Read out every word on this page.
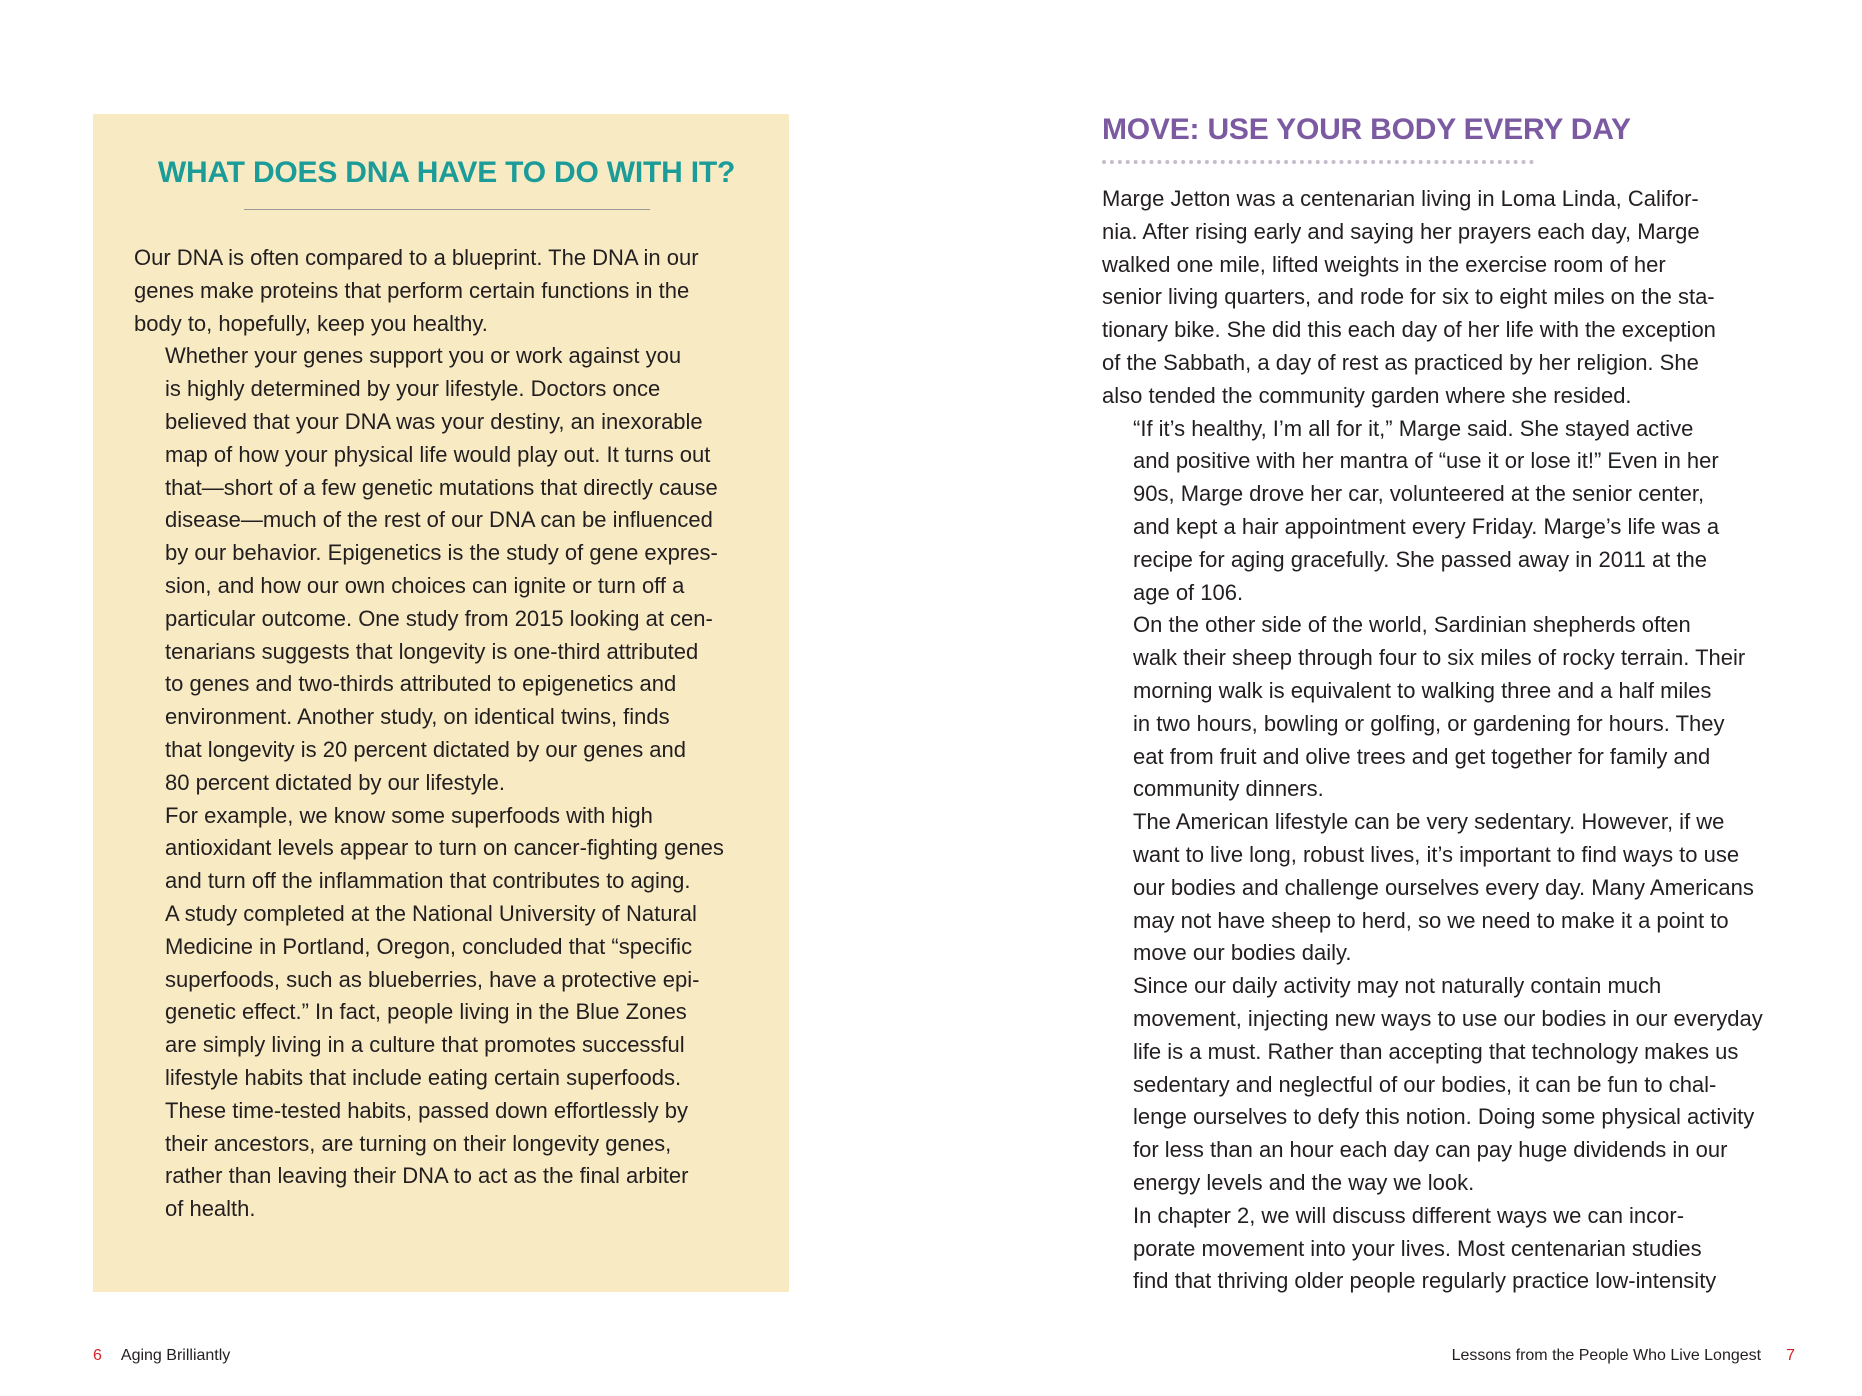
WHAT DOES DNA HAVE TO DO WITH IT?

Our DNA is often compared to a blueprint. The DNA in our
genes make proteins that perform certain functions in the
body to, hopefully, keep you healthy.

Whether your genes support you or work against you
is highly determined by your lifestyle. Doctors once
believed that your DNA was your destiny, an inexorable
map of how your physical life would play out. It turns out
that—short of a few genetic mutations that directly cause
disease—much of the rest of our DNA can be influenced
by our behavior. Epigenetics is the study of gene expres-
sion, and how our own choices can ignite or turn off a
particular outcome. One study from 2015 looking at cen-
tenarians suggests that longevity is one-third attributed
to genes and two-thirds attributed to epigenetics and
environment. Another study, on identical twins, finds
that longevity is 20 percent dictated by our genes and
80 percent dictated by our lifestyle.

For example, we know some superfoods with high
antioxidant levels appear to turn on cancer-fighting genes
and turn off the inflammation that contributes to aging.
A study completed at the National University of Natural
Medicine in Portland, Oregon, concluded that “specific
superfoods, such as blueberries, have a protective epi-
genetic effect.” In fact, people living in the Blue Zones
are simply living in a culture that promotes successful
lifestyle habits that include eating certain superfoods.
These time-tested habits, passed down effortlessly by
their ancestors, are turning on their longevity genes,
rather than leaving their DNA to act as the final arbiter
of health.

MOVE: USE YOUR BODY EVERY DAY

Marge Jetton was a centenarian living in Loma Linda, Califor-
nia. After rising early and saying her prayers each day, Marge
walked one mile, lifted weights in the exercise room of her
senior living quarters, and rode for six to eight miles on the sta-
tionary bike. She did this each day of her life with the exception
of the Sabbath, a day of rest as practiced by her religion. She
also tended the community garden where she resided.

“If it’s healthy, I’m all for it,” Marge said. She stayed active
and positive with her mantra of “use it or lose it!” Even in her
90s, Marge drove her car, volunteered at the senior center,
and kept a hair appointment every Friday. Marge’s life was a
recipe for aging gracefully. She passed away in 2011 at the
age of 106.

On the other side of the world, Sardinian shepherds often
walk their sheep through four to six miles of rocky terrain. Their
morning walk is equivalent to walking three and a half miles
in two hours, bowling or golfing, or gardening for hours. They
eat from fruit and olive trees and get together for family and
community dinners.

The American lifestyle can be very sedentary. However, if we
want to live long, robust lives, it’s important to find ways to use
our bodies and challenge ourselves every day. Many Americans
may not have sheep to herd, so we need to make it a point to
move our bodies daily.

Since our daily activity may not naturally contain much
movement, injecting new ways to use our bodies in our everyday
life is a must. Rather than accepting that technology makes us
sedentary and neglectful of our bodies, it can be fun to chal-
lenge ourselves to defy this notion. Doing some physical activity
for less than an hour each day can pay huge dividends in our
energy levels and the way we look.

In chapter 2, we will discuss different ways we can incor-
porate movement into your lives. Most centenarian studies
find that thriving older people regularly practice low-intensity

6 Aging Brilliantly	Lessons from the People Who Live Longest 7
